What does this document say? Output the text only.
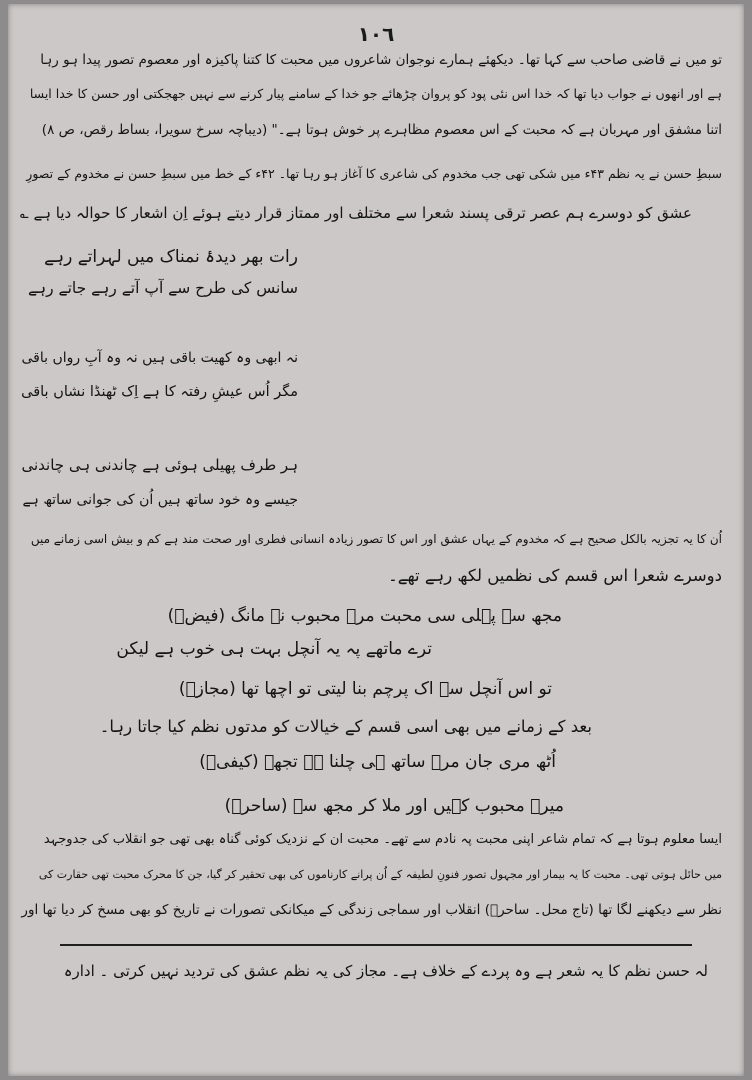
١٠٦
تو میں نے قاضی صاحب سے کہا تھا۔ دیکھئے ہمارے نوجوان شاعروں میں محبت کا کتنا پاکیزہ اور معصوم تصور پیدا ہو رہا
ہے اور انھوں نے جواب دیا تھا کہ خدا اس نئی پود کو پروان چڑھائے جو خدا کے سامنے پیار کرنے سے نہیں جھجکتی اور حسن کا خدا ایسا
اتنا مشفق اور مہربان ہے کہ محبت کے اس معصوم مظاہرے پر خوش ہوتا ہے۔" (دیباچہ سرخ سویرا، بساط رقص، ص ۸)
سبطِ حسن نے یہ نظم ۴۳ء میں شکی تھی جب مخدوم کی شاعری کا آغاز ہو رہا تھا۔ ۴۲ء کے خط میں سبطِ حسن نے مخدوم کے تصورِ
عشق کو دوسرے ہم عصر ترقی پسند شعرا سے مختلف اور ممتاز قرار دیتے ہوئے اِن اشعار کا حوالہ دیا ہے ؎
رات بھر دیدۂ نمناک میں لہراتے رہے
سانس کی طرح سے آپ آتے رہے جاتے رہے
نہ ابھی وہ کھیت باقی ہیں نہ وہ آبِ رواں باقی
مگر اُس عیشِ رفتہ کا ہے اِک ٹھنڈا نشاں باقی
ہر طرف پھیلی ہوئی ہے چاندنی ہی چاندنی
جیسے وہ خود ساتھ ہیں اُن کی جوانی ساتھ ہے
اُن کا یہ تجزیہ بالکل صحیح ہے کہ مخدوم کے یہاں عشق اور اس کا تصور زیادہ انسانی فطری اور صحت مند ہے کم و بیش اسی زمانے میں
دوسرے شعرا اس قسم کی نظمیں لکھ رہے تھے۔
مجھ سے پہلی سی محبت مرے محبوب نہ مانگ (فیضؔ)
ترے ماتھے پہ یہ آنچل بہت ہی خوب ہے لیکن
تو اس آنچل سے اک پرچم بنا لیتی تو اچھا تھا (مجازؔ)
بعد کے زمانے میں بھی اسی قسم کے خیالات کو مدتوں نظم کیا جاتا رہا۔
اُٹھ مری جان مرے ساتھ ہی چلنا ہے تجھے (کیفیؔ)
میرے محبوب کہیں اور ملا کر مجھ سے (ساحرؔ)
ایسا معلوم ہوتا ہے کہ تمام شاعر اپنی محبت پہ نادم سے تھے۔ محبت ان کے نزدیک کوئی گناہ بھی تھی جو انقلاب کی جدوجہد
میں حائل ہوتی تھی۔ محبت کا یہ بیمار اور مجہول تصور فنونِ لطیفہ کے اُن پرانے کارناموں کی بھی تحقیر کر گیا، جن کا محرک محبت تھی حقارت کی
نظر سے دیکھنے لگا تھا (تاج محل۔ ساحرؔ) انقلاب اور سماجی زندگی کے میکانکی تصورات نے تاریخ کو بھی مسخ کر دیا تھا اور
لہ حسن نظم کا یہ شعر ہے وہ پردے کے خلاف ہے۔ مجاز کی یہ نظم عشق کی تردید نہیں کرتی ۔ ادارہ
